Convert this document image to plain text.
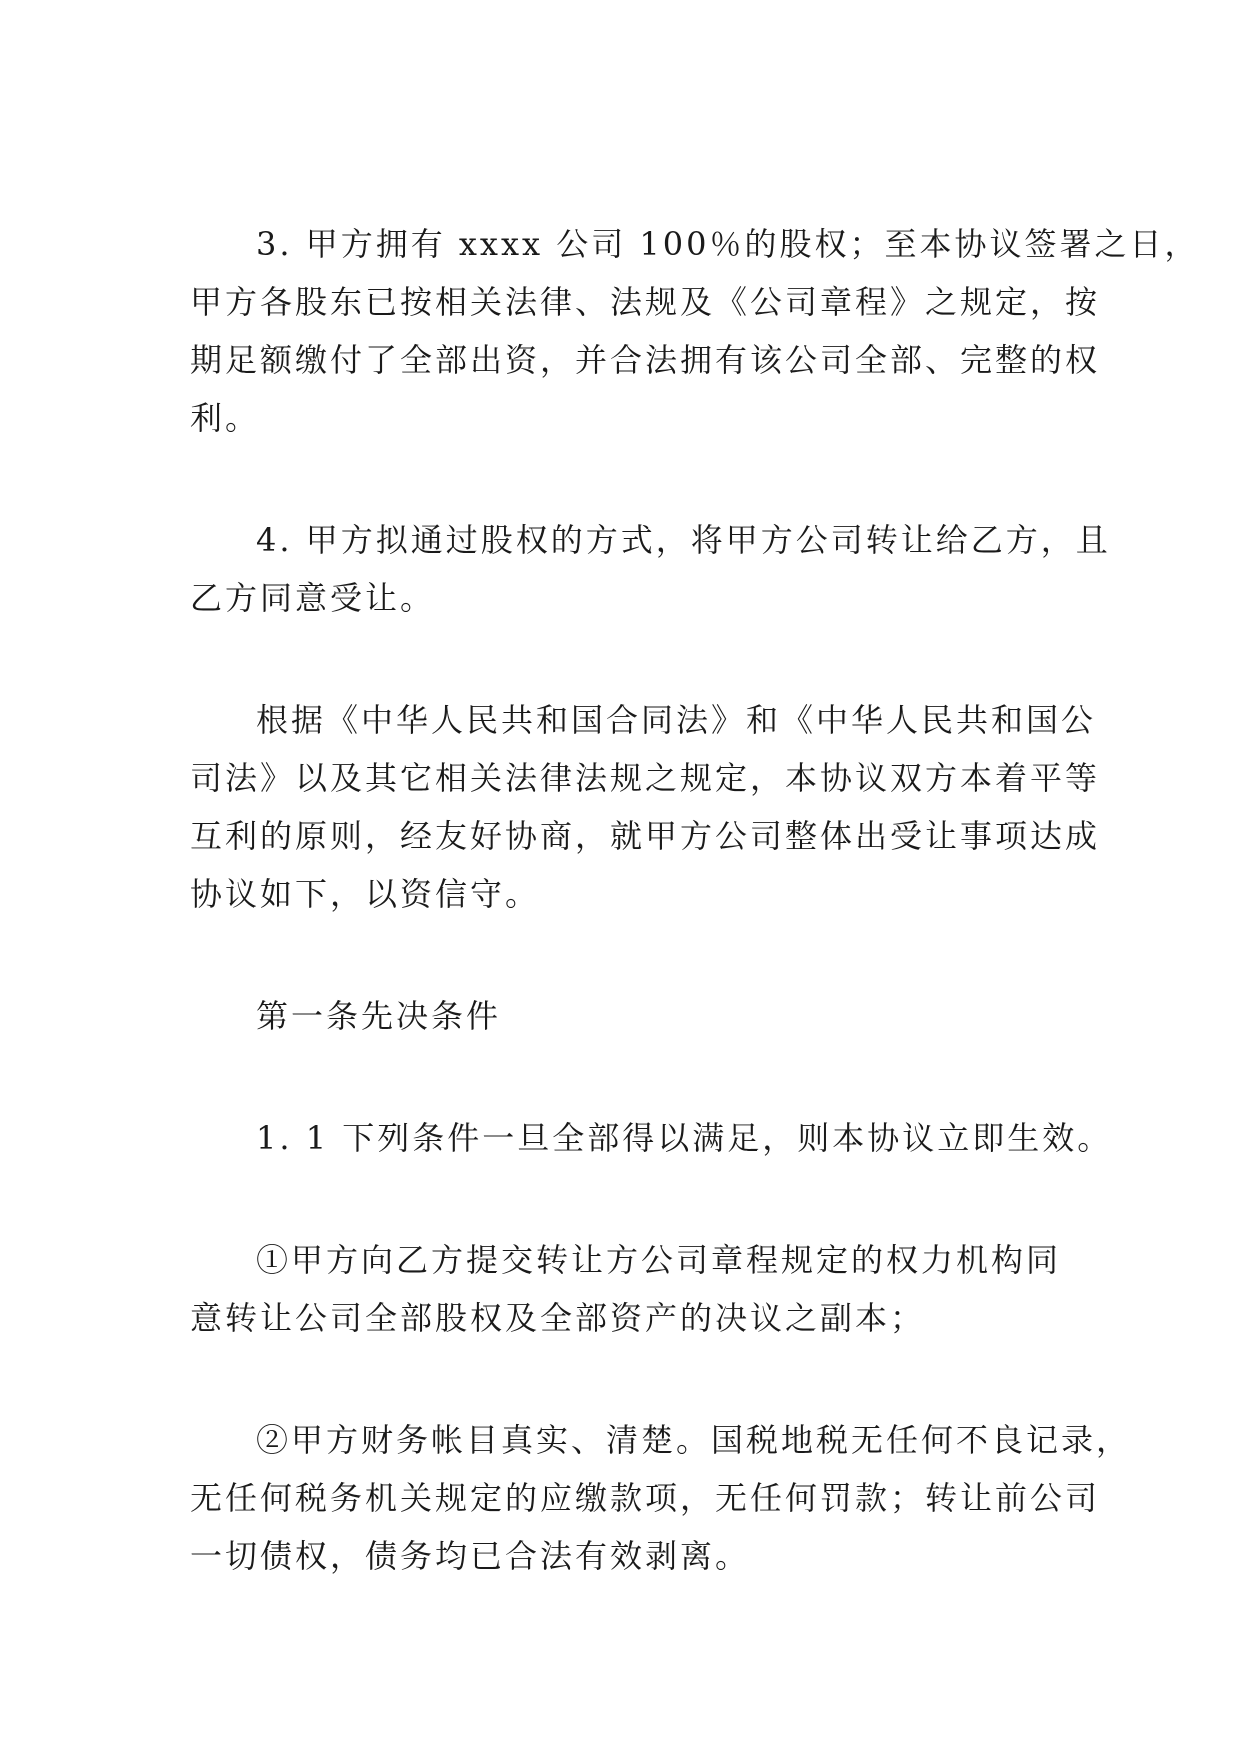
3. 甲方拥有 xxxx 公司 100％的股权；至本协议签署之日，
甲方各股东已按相关法律、法规及《公司章程》之规定，按
期足额缴付了全部出资，并合法拥有该公司全部、完整的权
利。
4. 甲方拟通过股权的方式，将甲方公司转让给乙方，且
乙方同意受让。
根据《中华人民共和国合同法》和《中华人民共和国公
司法》以及其它相关法律法规之规定，本协议双方本着平等
互利的原则，经友好协商，就甲方公司整体出受让事项达成
协议如下，以资信守。
第一条先决条件
1. 1 下列条件一旦全部得以满足，则本协议立即生效。
①甲方向乙方提交转让方公司章程规定的权力机构同
意转让公司全部股权及全部资产的决议之副本；
②甲方财务帐目真实、清楚。国税地税无任何不良记录，
无任何税务机关规定的应缴款项，无任何罚款；转让前公司
一切债权，债务均已合法有效剥离。
